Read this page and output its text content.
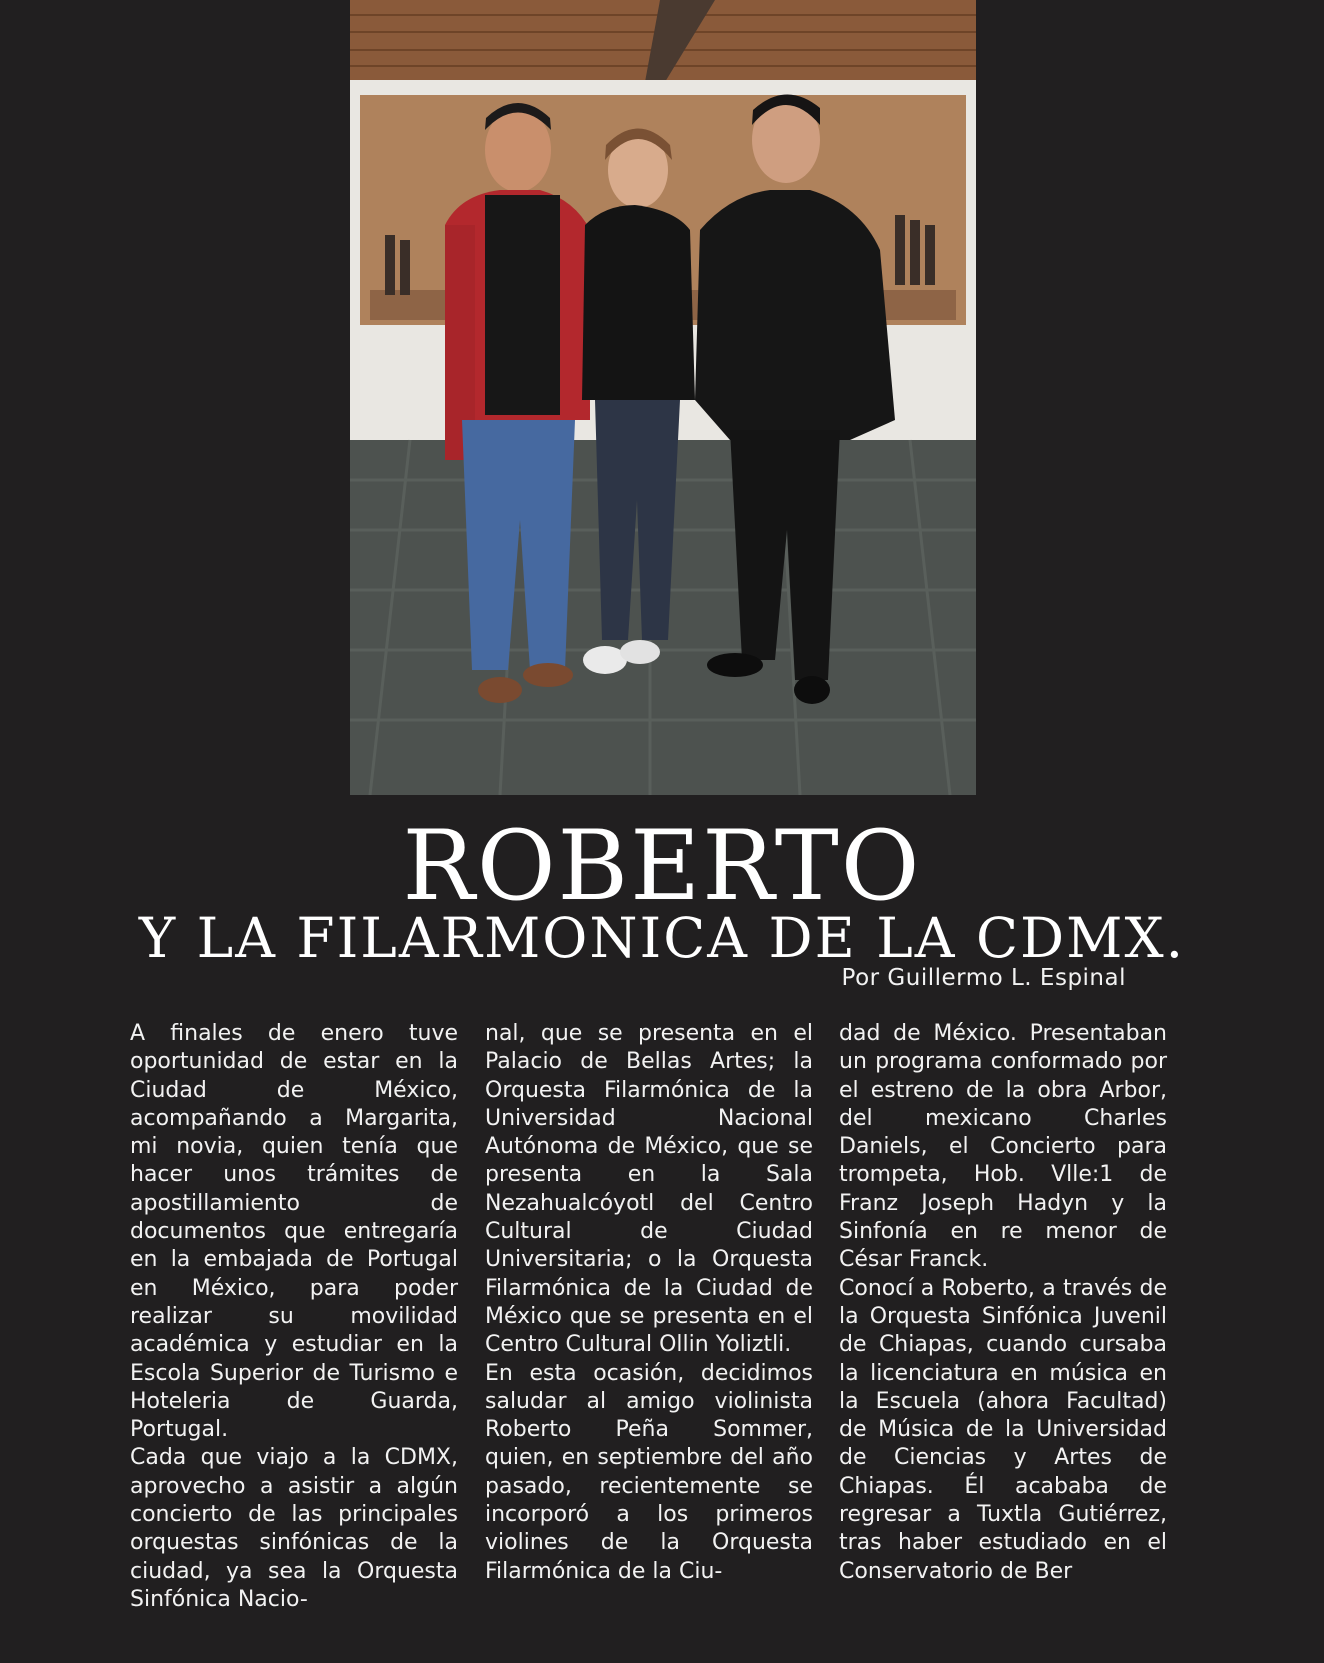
ROBERTO
Y LA FILARMONICA DE LA CDMX.
Por Guillermo L. Espinal

A finales de enero tuve oportunidad de estar en la Ciudad de México, acompañando a Margarita, mi novia, quien tenía que hacer unos trámites de apostillamiento de documentos que entregaría en la embajada de Portugal en México, para poder realizar su movilidad académica y estudiar en la Escola Superior de Turismo e Hoteleria de Guarda, Portugal.

Cada que viajo a la CDMX, aprovecho a asistir a algún concierto de las principales orquestas sinfónicas de la ciudad, ya sea la Orquesta Sinfónica Nacio-

nal, que se presenta en el Palacio de Bellas Artes; la Orquesta Filarmónica de la Universidad Nacional Autónoma de México, que se presenta en la Sala Nezahualcóyotl del Centro Cultural de Ciudad Universitaria; o la Orquesta Filarmónica de la Ciudad de México que se presenta en el Centro Cultural Ollin Yoliztli.

En esta ocasión, decidimos saludar al amigo violinista Roberto Peña Sommer, quien, en septiembre del año pasado, recientemente se incorporó a los primeros violines de la Orquesta Filarmónica de la Ciu-

dad de México. Presentaban un programa conformado por el estreno de la obra Arbor, del mexicano Charles Daniels, el Concierto para trompeta, Hob. Vlle:1 de Franz Joseph Hadyn y la Sinfonía en re menor de César Franck.

Conocí a Roberto, a través de la Orquesta Sinfónica Juvenil de Chiapas, cuando cursaba la licenciatura en música en la Escuela (ahora Facultad) de Música de la Universidad de Ciencias y Artes de Chiapas. Él acababa de regresar a Tuxtla Gutiérrez, tras haber estudiado en el Conservatorio de Ber
